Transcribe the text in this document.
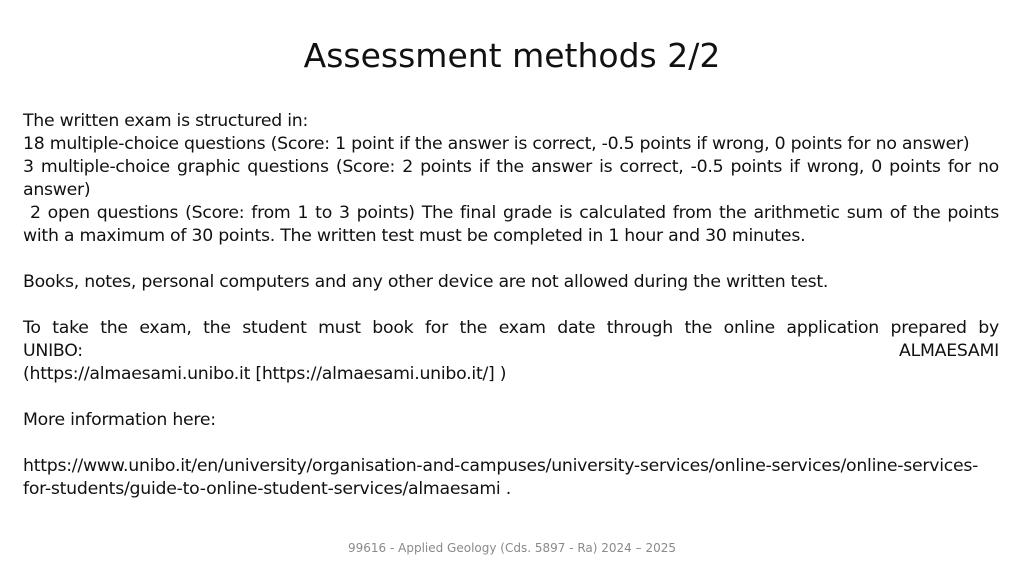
Assessment methods 2/2

The written exam is structured in:

18 multiple-choice questions (Score: 1 point if the answer is correct, -0.5 points if wrong, 0 points for no answer)

3 multiple-choice graphic questions (Score: 2 points if the answer is correct, -0.5 points if wrong, 0 points for no answer)

2 open questions (Score: from 1 to 3 points) The final grade is calculated from the arithmetic sum of the points with a maximum of 30 points. The written test must be completed in 1 hour and 30 minutes.

Books, notes, personal computers and any other device are not allowed during the written test.

To take the exam, the student must book for the exam date through the online application prepared by

UNIBO:	ALMAESAMI

(https://almaesami.unibo.it [https://almaesami.unibo.it/] )

More information here:

https://www.unibo.it/en/university/organisation-and-campuses/university-services/online-services/online-services-for-students/guide-to-online-student-services/almaesami .

99616 - Applied Geology (Cds. 5897 - Ra) 2024 – 2025
